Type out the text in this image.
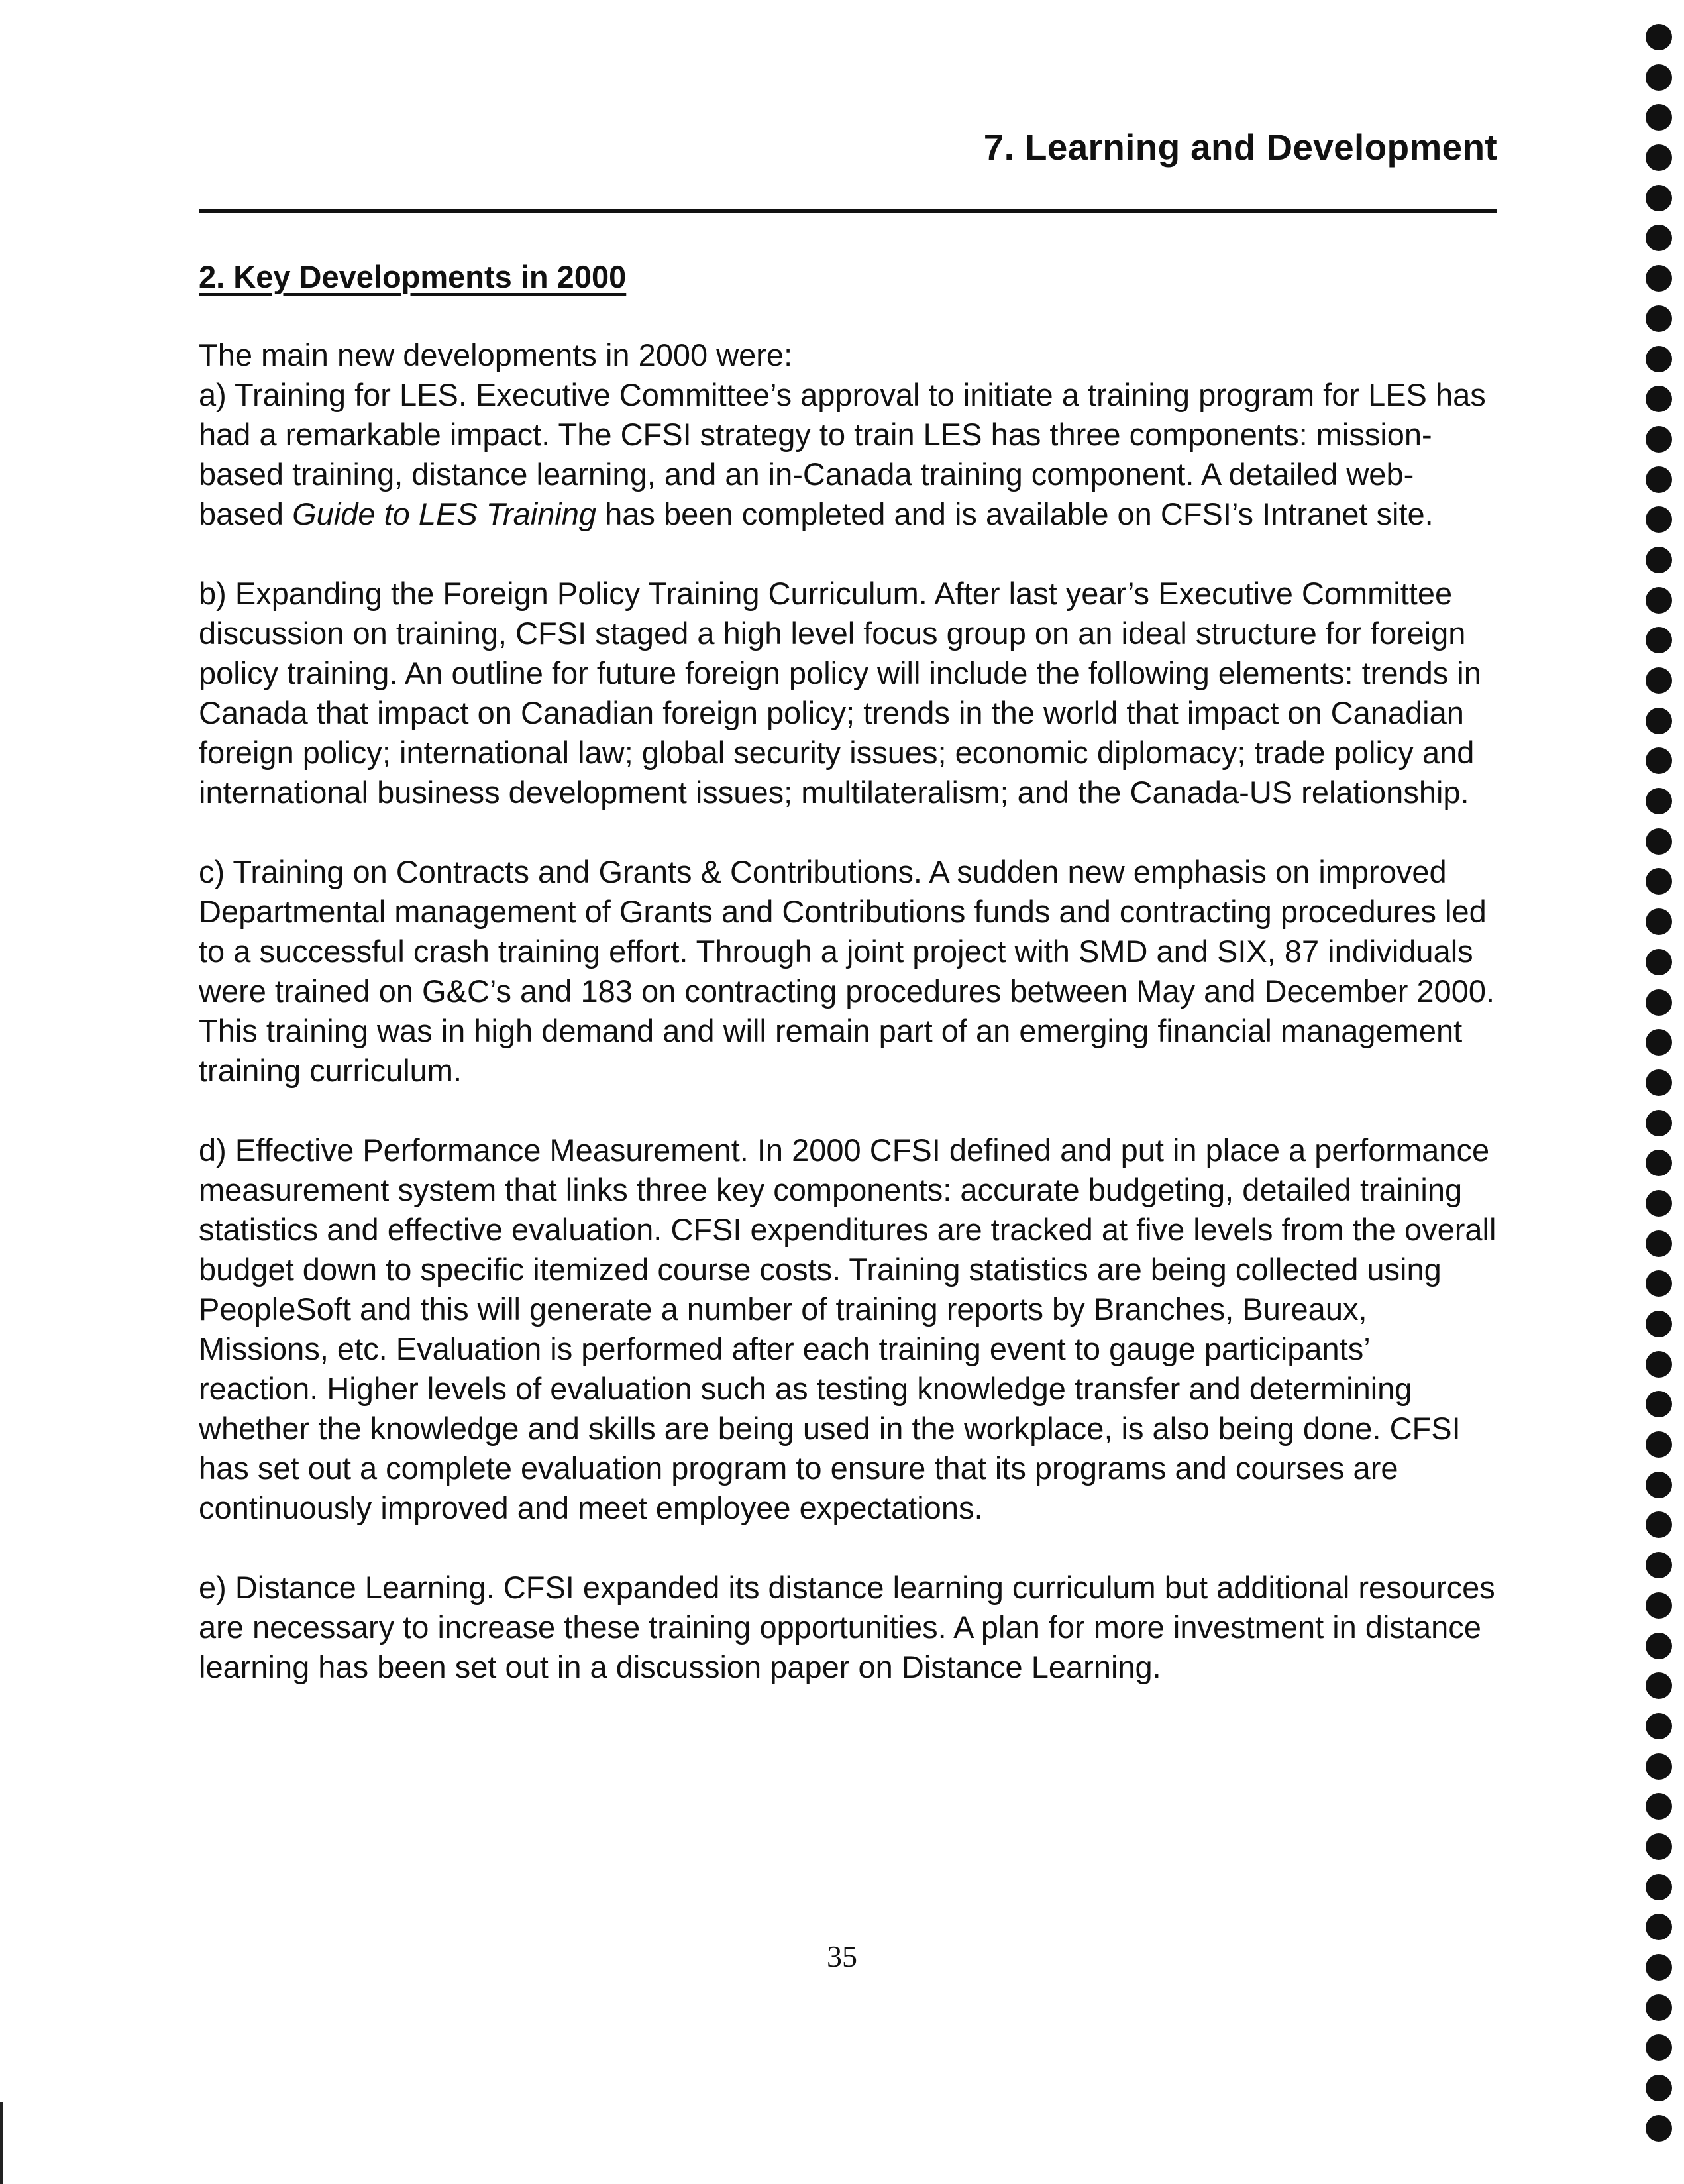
7. Learning and Development
2. Key Developments in 2000

The main new developments in 2000 were:

a) Training for LES. Executive Committee’s approval to initiate a training program for LES has had a remarkable impact. The CFSI strategy to train LES has three components: mission-based training, distance learning, and an in-Canada training component. A detailed web-based Guide to LES Training has been completed and is available on CFSI’s Intranet site.

b) Expanding the Foreign Policy Training Curriculum. After last year’s Executive Committee discussion on training, CFSI staged a high level focus group on an ideal structure for foreign policy training. An outline for future foreign policy will include the following elements: trends in Canada that impact on Canadian foreign policy; trends in the world that impact on Canadian foreign policy; international law; global security issues; economic diplomacy; trade policy and international business development issues; multilateralism; and the Canada-US relationship.

c) Training on Contracts and Grants & Contributions. A sudden new emphasis on improved Departmental management of Grants and Contributions funds and contracting procedures led to a successful crash training effort. Through a joint project with SMD and SIX, 87 individuals were trained on G&C’s and 183 on contracting procedures between May and December 2000. This training was in high demand and will remain part of an emerging financial management training curriculum.

d) Effective Performance Measurement. In 2000 CFSI defined and put in place a performance measurement system that links three key components: accurate budgeting, detailed training statistics and effective evaluation. CFSI expenditures are tracked at five levels from the overall budget down to specific itemized course costs. Training statistics are being collected using PeopleSoft and this will generate a number of training reports by Branches, Bureaux, Missions, etc. Evaluation is performed after each training event to gauge participants’ reaction. Higher levels of evaluation such as testing knowledge transfer and determining whether the knowledge and skills are being used in the workplace, is also being done. CFSI has set out a complete evaluation program to ensure that its programs and courses are continuously improved and meet employee expectations.

e) Distance Learning. CFSI expanded its distance learning curriculum but additional resources are necessary to increase these training opportunities. A plan for more investment in distance learning has been set out in a discussion paper on Distance Learning.

35
